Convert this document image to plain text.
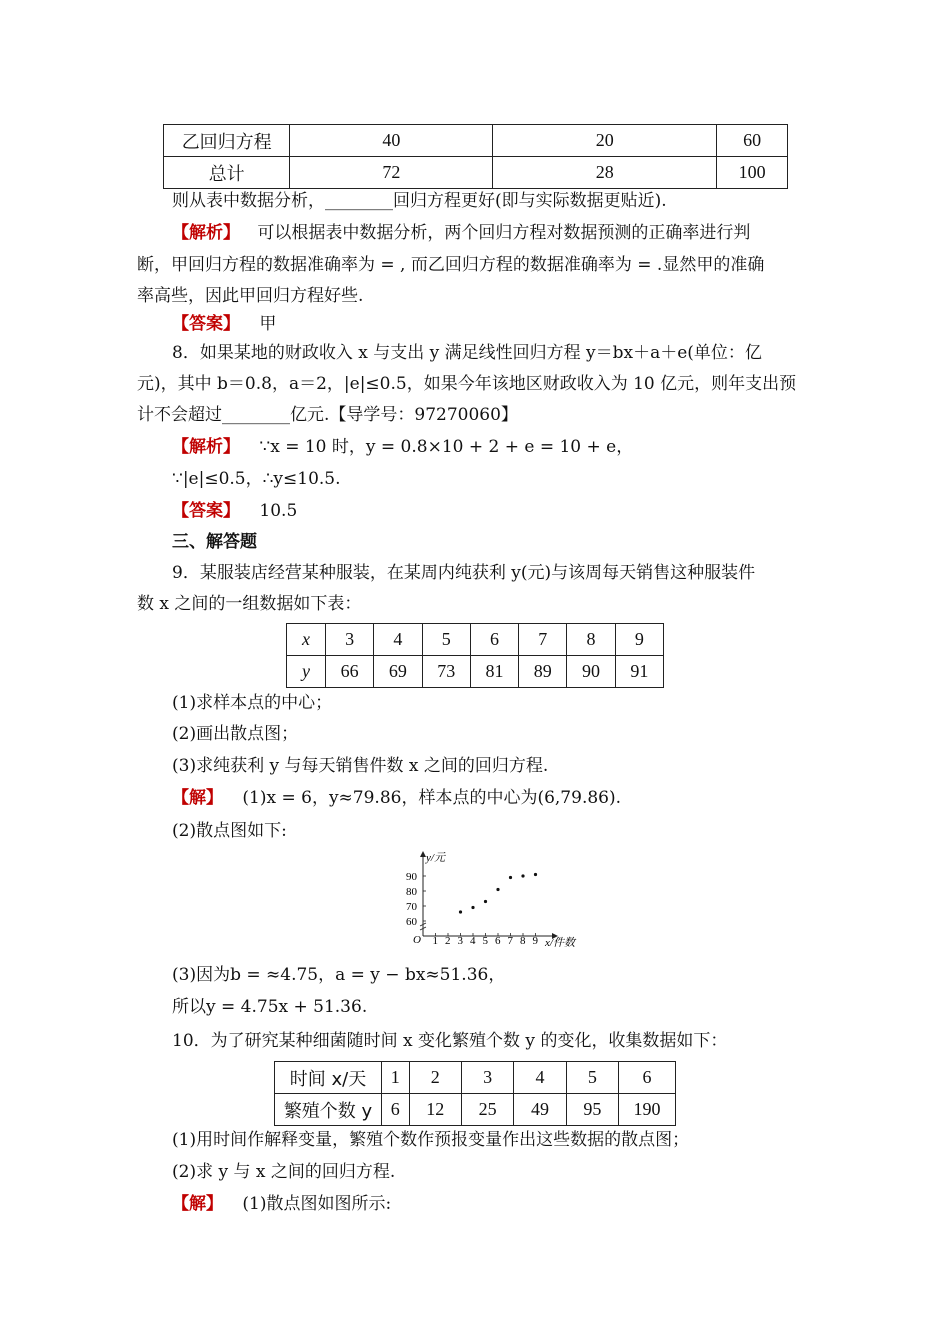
乙回归方程	40	20	60
总计	72	28	100
则从表中数据分析，________回归方程更好(即与实际数据更贴近).
【解析】 可以根据表中数据分析，两个回归方程对数据预测的正确率进行判
断，甲回归方程的数据准确率为 = , 而乙回归方程的数据准确率为 = .显然甲的准确
率高些，因此甲回归方程好些.
【答案】 甲
8．如果某地的财政收入 x 与支出 y 满足线性回归方程 y＝bx＋a＋e(单位：亿
元)，其中 b＝0.8，a＝2，|e|≤0.5，如果今年该地区财政收入为 10 亿元，则年支出预
计不会超过________亿元.【导学号：97270060】
【解析】 ∵x = 10 时，y = 0.8×10 + 2 + e = 10 + e，
∵|e|≤0.5，∴y≤10.5.
【答案】 10.5
三、解答题
9．某服装店经营某种服装，在某周内纯获利 y(元)与该周每天销售这种服装件
数 x 之间的一组数据如下表：
x	3	4	5	6	7	8	9
y	66	69	73	81	89	90	91
(1)求样本点的中心；
(2)画出散点图；
(3)求纯获利 y 与每天销售件数 x 之间的回归方程.
【解】 (1)x = 6，y≈79.86，样本点的中心为(6,79.86).
(2)散点图如下:
O 1 2 3 4 5 6 7 8 9
60
70
80
90
y/元
x/件数
(3)因为b = ≈4.75，a = y − bx≈51.36，
所以y = 4.75x + 51.36.
10．为了研究某种细菌随时间 x 变化繁殖个数 y 的变化，收集数据如下：
时间 x/天	1	2	3	4	5	6
繁殖个数 y	6	12	25	49	95	190
(1)用时间作解释变量，繁殖个数作预报变量作出这些数据的散点图；
(2)求 y 与 x 之间的回归方程.
【解】 (1)散点图如图所示:
